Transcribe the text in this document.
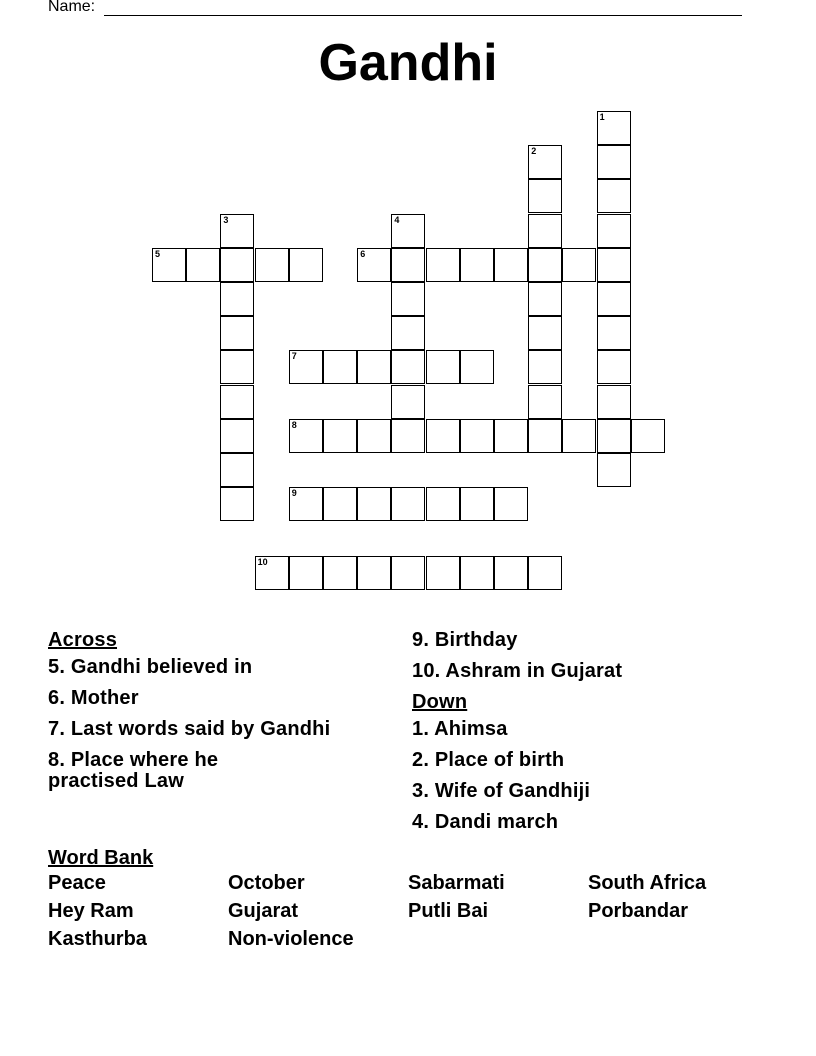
Name:
Gandhi
1
2
3	4
5	6
7
8
9
10
Across
5. Gandhi believed in
6. Mother
7. Last words said by Gandhi
8. Place where he practised Law
9. Birthday
10. Ashram in Gujarat
Down
1. Ahimsa
2. Place of birth
3. Wife of Gandhiji
4. Dandi march
Word Bank
Peace	October	Sabarmati	South Africa
Hey Ram	Gujarat	Putli Bai	Porbandar
Kasthurba	Non-violence
